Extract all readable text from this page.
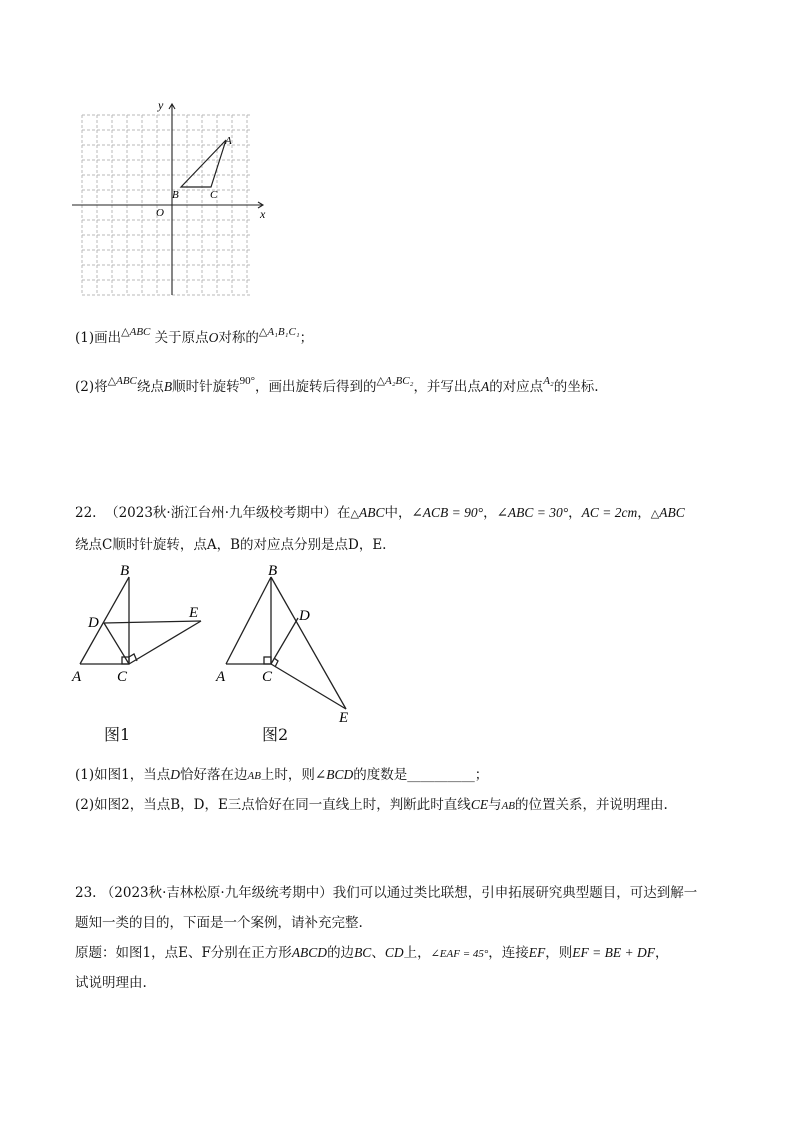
y
x
O
A
B	C
(1)画出$^{\triangle ABC}$ 关于原点O对称的$^{\triangle A_1B_1C_1}$；
(2)将$^{\triangle ABC}$绕点B顺时针旋转$^{90^\circ}$，画出旋转后得到的$^{\triangle A_2BC_2}$，并写出点A的对应点$^{A_2}$的坐标.
22. （2023秋·浙江台州·九年级校考期中）在△ABC中，∠ACB = 90°，∠ABC = 30°，AC = 2cm，△ABC
绕点C顺时针旋转，点A，B的对应点分别是点D，E.
B
D
E
A C
图1
B
D
E
A C
图2
(1)如图1，当点D恰好落在边AB上时，则∠BCD的度数是__________；
(2)如图2，当点B，D，E三点恰好在同一直线上时，判断此时直线CE与AB的位置关系，并说明理由.
23. （2023秋·吉林松原·九年级统考期中）我们可以通过类比联想，引申拓展研究典型题目，可达到解一
题知一类的目的，下面是一个案例，请补充完整.
原题：如图1，点E、F分别在正方形ABCD的边BC、CD上，∠EAF = 45°，连接EF，则EF = BE + DF，
试说明理由.
